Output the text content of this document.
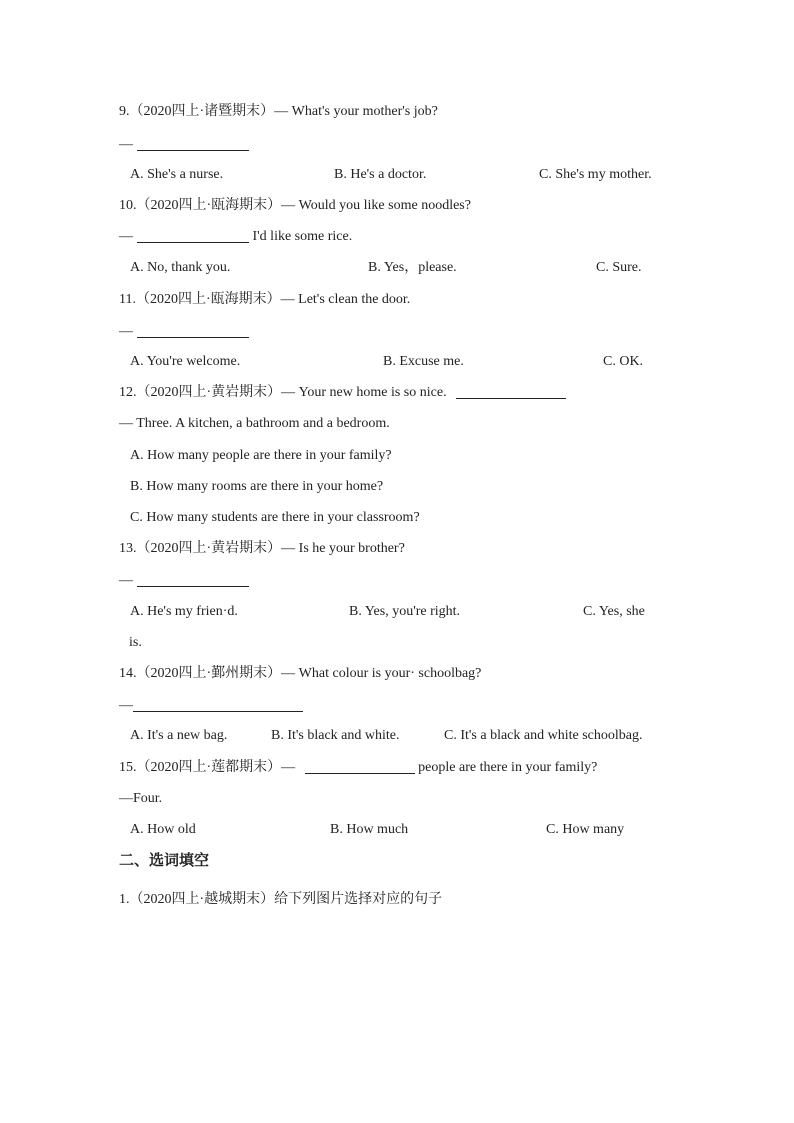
9.（2020四上·诸暨期末）— What's your mother's job?
—
A. She's a nurse.	B. He's a doctor.	C. She's my mother.
10.（2020四上·瓯海期末）— Would you like some noodles?
—	I'd like some rice.
A. No, thank you.	B. Yes，please.	C. Sure.
11.（2020四上·瓯海期末）— Let's clean the door.
—
A. You're welcome.	B. Excuse me.	C. OK.
12.（2020四上·黄岩期末）— Your new home is so nice.
— Three. A kitchen, a bathroom and a bedroom.
A. How many people are there in your family?
B. How many rooms are there in your home?
C. How many students are there in your classroom?
13.（2020四上·黄岩期末）— Is he your brother?
—
A. He's my frien·d.	B. Yes, you're right.	C. Yes, she
is.
14.（2020四上·鄞州期末）— What colour is your· schoolbag?
—
A. It's a new bag.	B. It's black and white.	C. It's a black and white schoolbag.
15.（2020四上·莲都期末）—	people are there in your family?
—Four.
A. How old	B. How much	C. How many
二、选词填空
1.（2020四上·越城期末）给下列图片选择对应的句子
